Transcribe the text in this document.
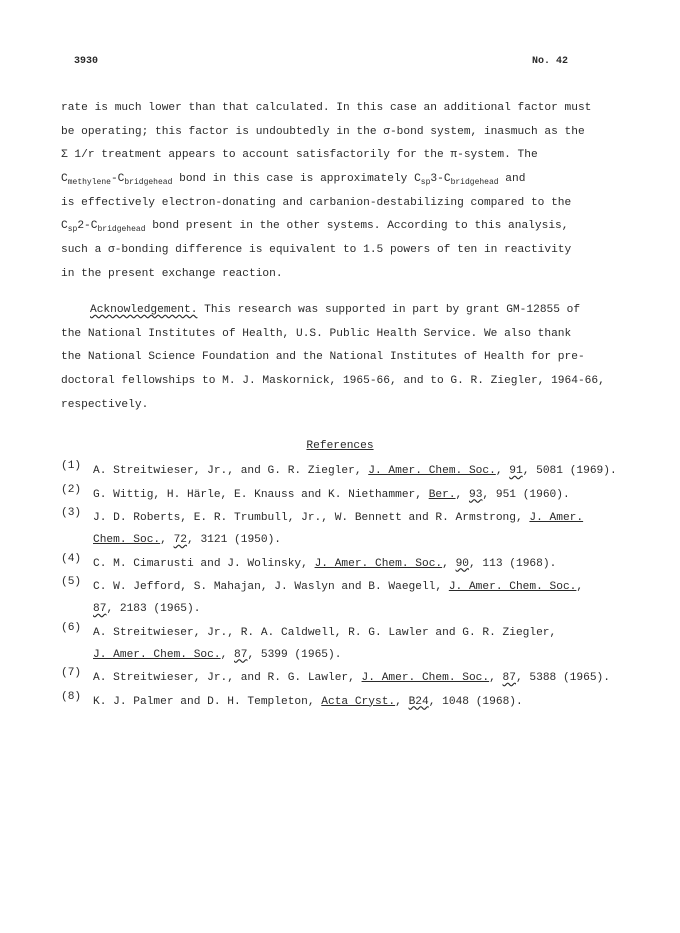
3930	No. 42
rate is much lower than that calculated. In this case an additional factor must
be operating; this factor is undoubtedly in the σ-bond system, inasmuch as the
Σ 1/r treatment appears to account satisfactorily for the π-system. The
$C_{methylene}-C_{bridgehead}$ bond in this case is approximately $C_{sp}3-C_{bridgehead}$ and
is effectively electron-donating and carbanion-destabilizing compared to the
$C_{sp}2-C_{bridgehead}$ bond present in the other systems. According to this analysis,
such a σ-bonding difference is equivalent to 1.5 powers of ten in reactivity
in the present exchange reaction.
Acknowledgement. This research was supported in part by grant GM-12855 of
the National Institutes of Health, U.S. Public Health Service. We also thank
the National Science Foundation and the National Institutes of Health for pre-
doctoral fellowships to M. J. Maskornick, 1965-66, and to G. R. Ziegler, 1964-66,
respectively.
References
(1)	A. Streitwieser, Jr., and G. R. Ziegler, J. Amer. Chem. Soc., 91, 5081 (1969).
(2)	G. Wittig, H. Härle, E. Knauss and K. Niethammer, Ber., 93, 951 (1960).
(3)	J. D. Roberts, E. R. Trumbull, Jr., W. Bennett and R. Armstrong, J. Amer.
Chem. Soc., 72, 3121 (1950).
(4)	C. M. Cimarusti and J. Wolinsky, J. Amer. Chem. Soc., 90, 113 (1968).
(5)	C. W. Jefford, S. Mahajan, J. Waslyn and B. Waegell, J. Amer. Chem. Soc.,
87, 2183 (1965).
(6)	A. Streitwieser, Jr., R. A. Caldwell, R. G. Lawler and G. R. Ziegler,
J. Amer. Chem. Soc., 87, 5399 (1965).
(7)	A. Streitwieser, Jr., and R. G. Lawler, J. Amer. Chem. Soc., 87, 5388 (1965).
(8)	K. J. Palmer and D. H. Templeton, Acta Cryst., B24, 1048 (1968).
